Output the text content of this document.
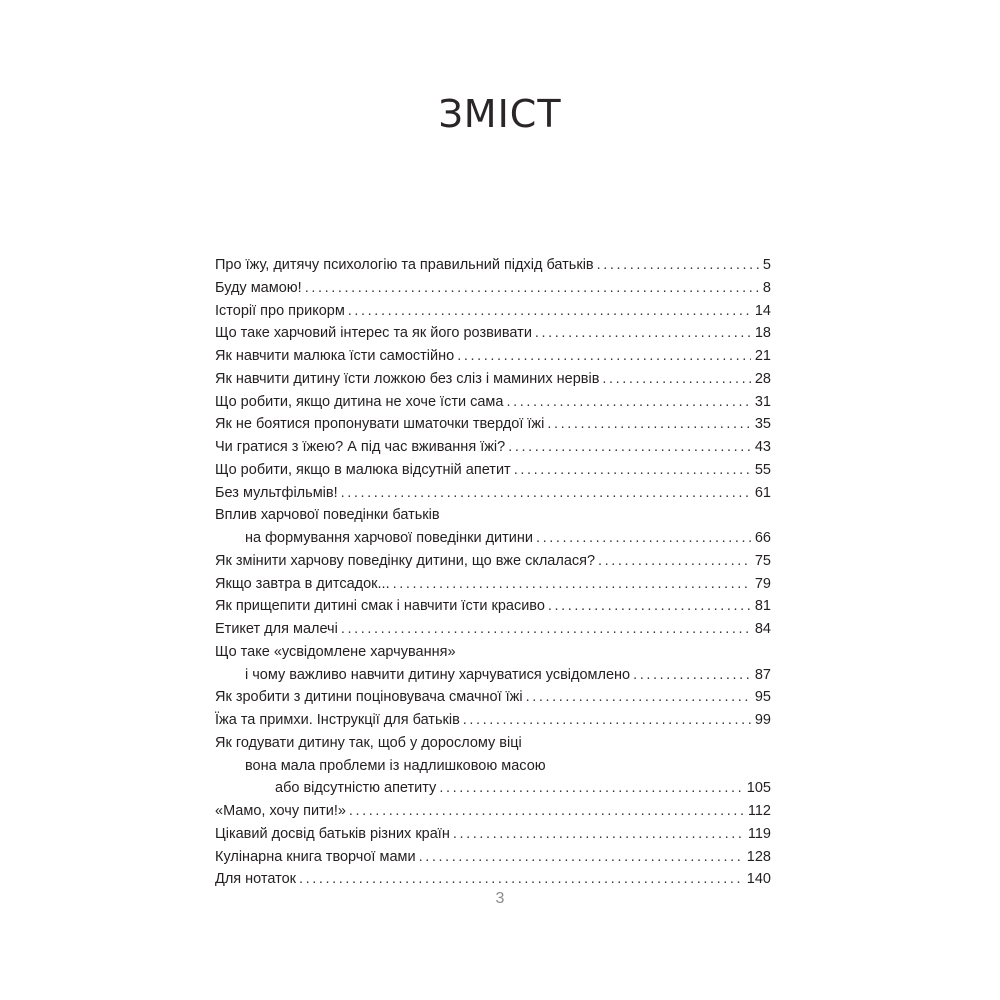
ЗМІСТ
Про їжу, дитячу психологію та правильний підхід батьків .....	5
Буду мамою! .....	8
Історії про прикорм .....	14
Що таке харчовий інтерес та як його розвивати .....	18
Як навчити малюка їсти самостійно .....	21
Як навчити дитину їсти ложкою без сліз і маминих нервів .....	28
Що робити, якщо дитина не хоче їсти сама .....	31
Як не боятися пропонувати шматочки твердої їжі .....	35
Чи гратися з їжею? А під час вживання їжі? .....	43
Що робити, якщо в малюка відсутній апетит .....	55
Без мультфільмів! .....	61
Вплив харчової поведінки батьків
на формування харчової поведінки дитини .....	66
Як змінити харчову поведінку дитини, що вже склалася? .....	75
Якщо завтра в дитсадок... .....	79
Як прищепити дитині смак і навчити їсти красиво .....	81
Етикет для малечі .....	84
Що таке «усвідомлене харчування»
і чому важливо навчити дитину харчуватися усвідомлено .....	87
Як зробити з дитини поціновувача смачної їжі .....	95
Їжа та примхи. Інструкції для батьків .....	99
Як годувати дитину так, щоб у дорослому віці
вона мала проблеми із надлишковою масою
або відсутністю апетиту .....	105
«Мамо, хочу пити!» .....	112
Цікавий досвід батьків різних країн .....	119
Кулінарна книга творчої мами .....	128
Для нотаток .....	140
3
